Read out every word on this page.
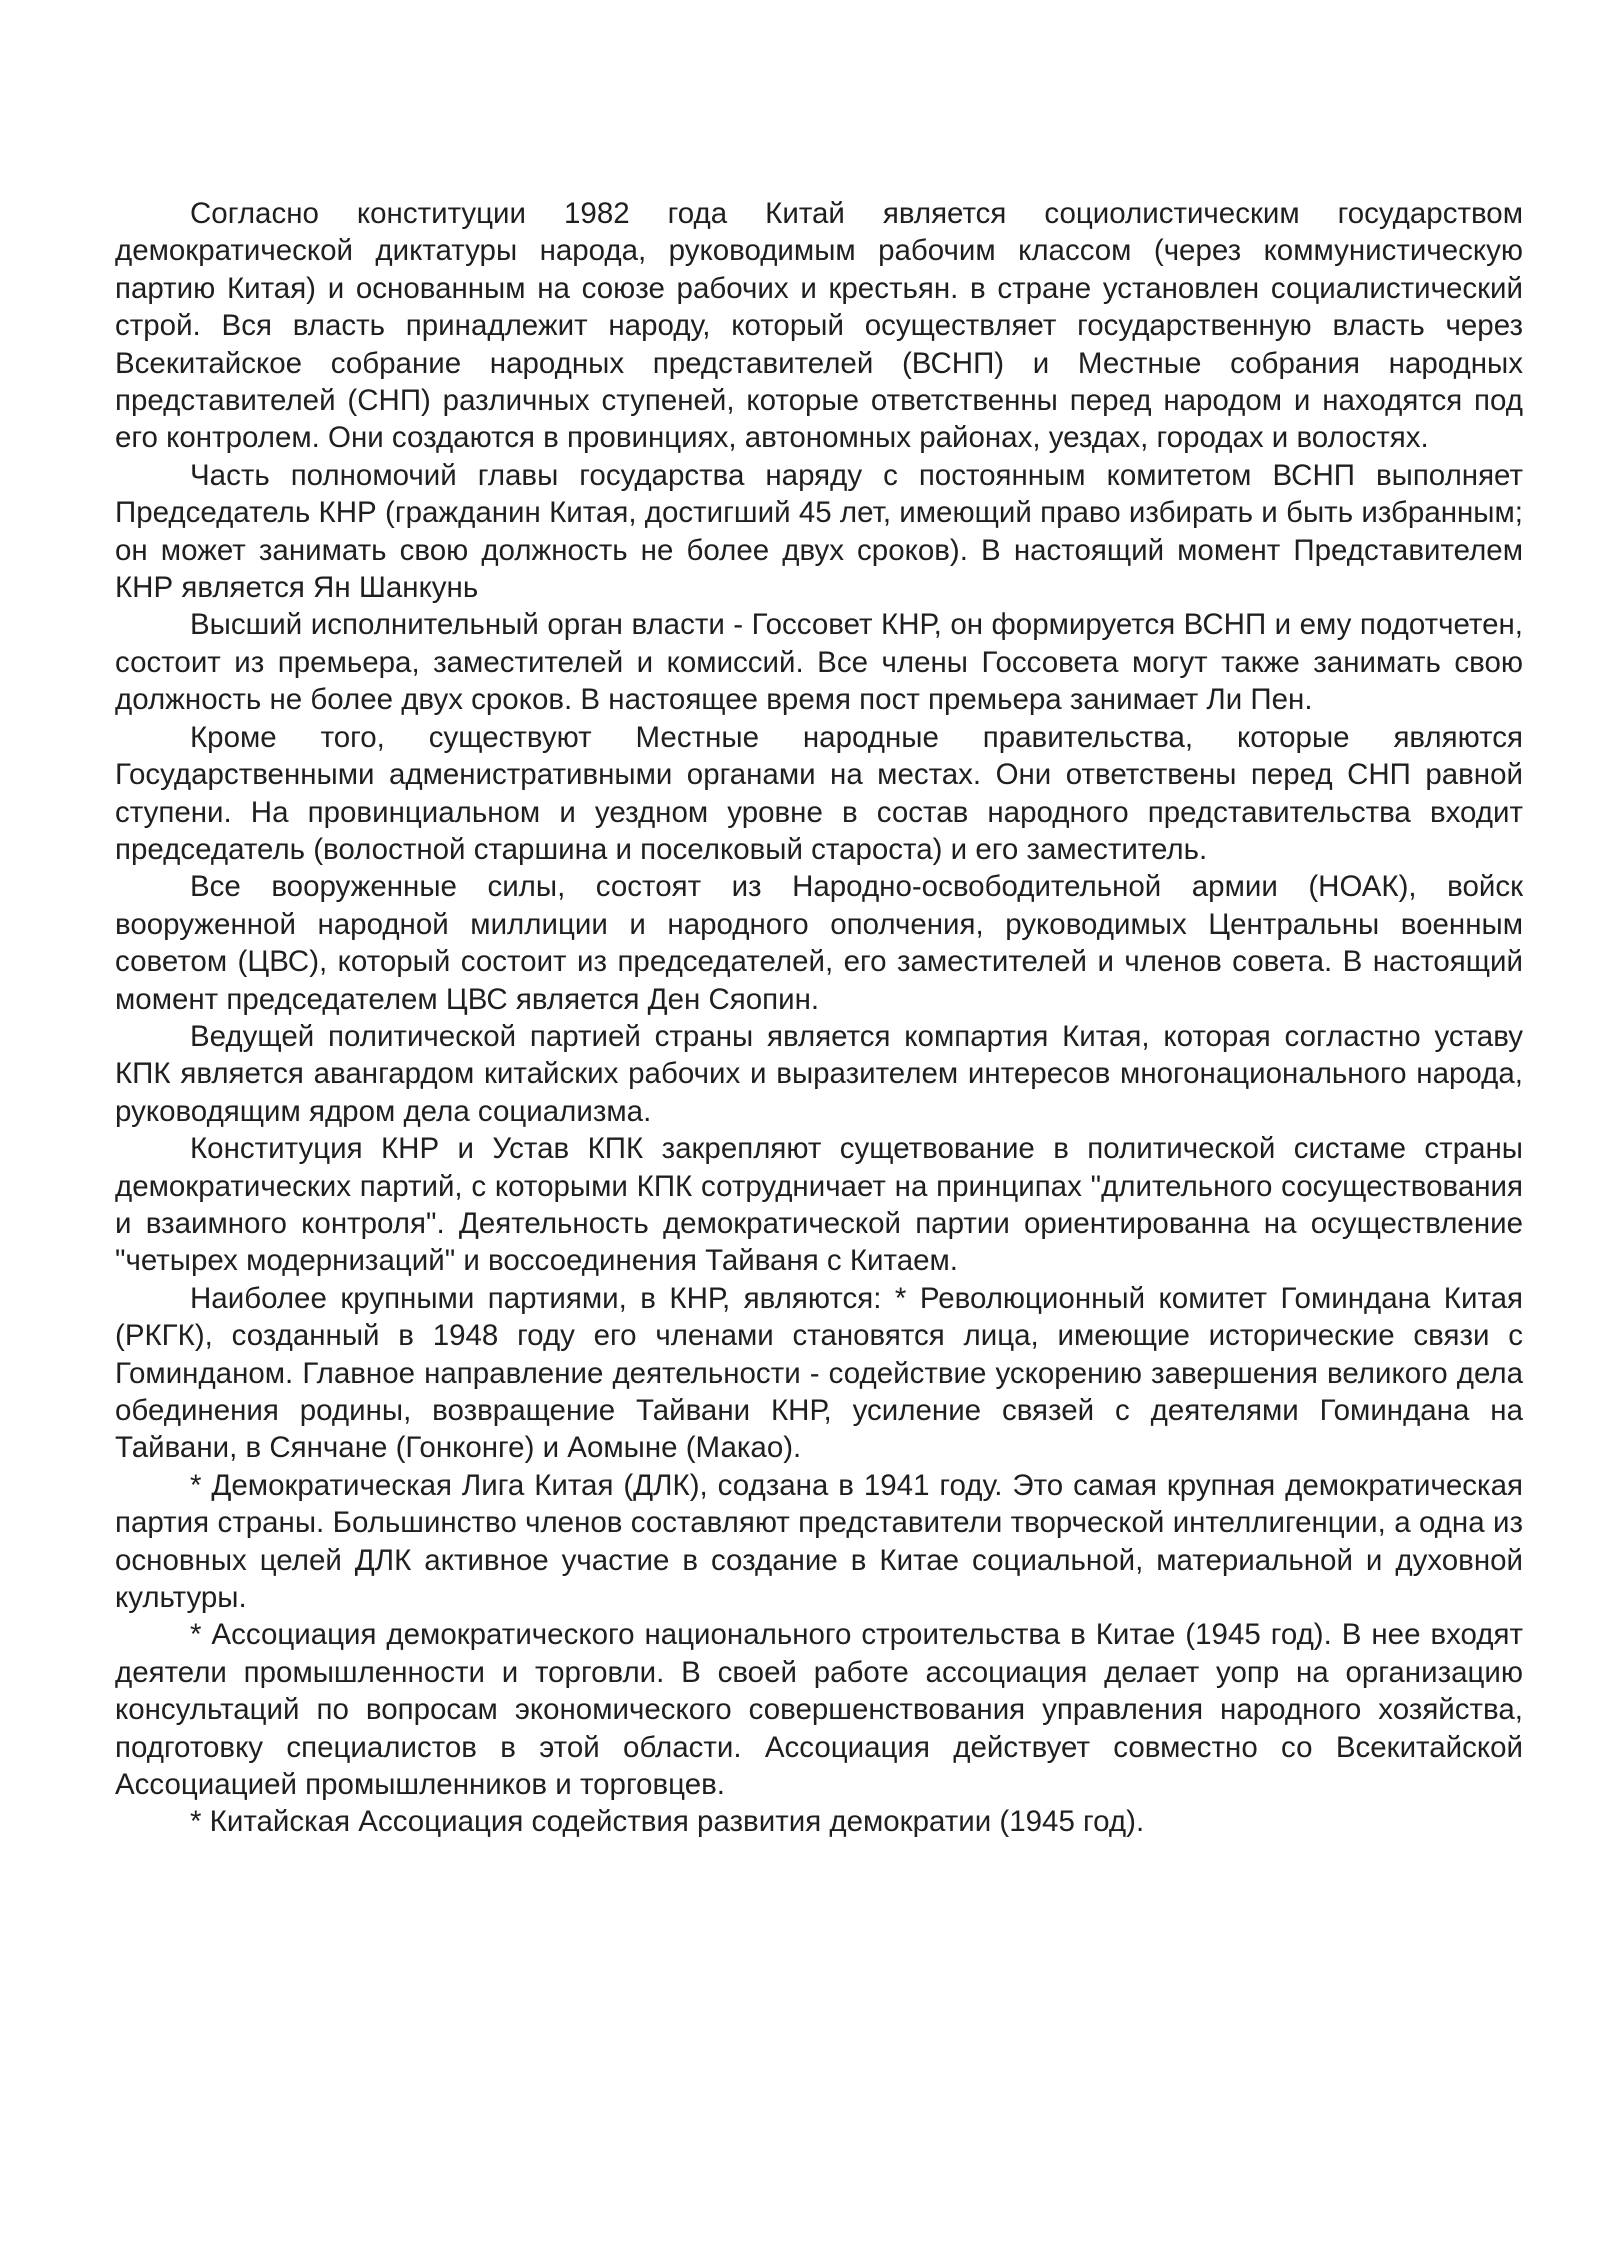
Согласно конституции 1982 года Китай является социолистическим государством демократической диктатуры народа, руководимым рабочим классом (через коммунистическую партию Китая) и основанным на союзе рабочих и крестьян. в стране установлен социалистический строй. Вся власть принадлежит народу, который осуществляет государственную власть через Всекитайское собрание народных представителей (ВСНП) и Местные собрания народных представителей (СНП) различных ступеней, которые ответственны перед народом и находятся под его контролем. Они создаются в провинциях, автономных районах, уездах, городах и волостях.

Часть полномочий главы государства наряду с постоянным комитетом ВСНП выполняет Председатель КНР (гражданин Китая, достигший 45 лет, имеющий право избирать и быть избранным; он может занимать свою должность не более двух сроков). В настоящий момент Представителем КНР является Ян Шанкунь

Высший исполнительный орган власти - Госсовет КНР, он формируется ВСНП и ему подотчетен, состоит из премьера, заместителей и комиссий. Все члены Госсовета могут также занимать свою должность не более двух сроков. В настоящее время пост премьера занимает Ли Пен.

Кроме того, существуют Местные народные правительства, которые являются Государственными адменистративными органами на местах. Они ответствены перед СНП равной ступени. На провинциальном и уездном уровне в состав народного представительства входит председатель (волостной старшина и поселковый староста) и его заместитель.

Все вооруженные силы, состоят из Народно-освободительной армии (НОАК), войск вооруженной народной миллиции и народного ополчения, руководимых Центральны военным советом (ЦВС), который состоит из председателей, его заместителей и членов совета. В настоящий момент председателем ЦВС является Ден Сяопин.

Ведущей политической партией страны является компартия Китая, которая согластно уставу КПК является авангардом китайских рабочих и выразителем интересов многонационального народа, руководящим ядром дела социализма.

Конституция КНР и Устав КПК закрепляют сущетвование в политической систаме страны демократических партий, с которыми КПК сотрудничает на принципах "длительного сосуществования и взаимного контроля". Деятельность демократической партии ориентированна на осуществление "четырех модернизаций" и воссоединения Тайваня с Китаем.

Наиболее крупными партиями, в КНР, являются: * Революционный комитет Гоминдана Китая (РКГК), созданный в 1948 году его членами становятся лица, имеющие исторические связи с Гоминданом. Главное направление деятельности - содействие ускорению завершения великого дела обединения родины, возвращение Тайвани КНР, усиление связей с деятелями Гоминдана на Тайвани, в Сянчане (Гонконге) и Аомыне (Макао).

* Демократическая Лига Китая (ДЛК), содзана в 1941 году. Это самая крупная демократическая партия страны. Большинство членов составляют представители творческой интеллигенции, а одна из основных целей ДЛК активное участие в создание в Китае социальной, материальной и духовной культуры.

* Ассоциация демократического национального строительства в Китае (1945 год). В нее входят деятели промышленности и торговли. В своей работе ассоциация делает уопр на организацию консультаций по вопросам экономического совершенствования управления народного хозяйства, подготовку специалистов в этой области. Ассоциация действует совместно со Всекитайской Ассоциацией промышленников и торговцев.

* Китайская Ассоциация содействия развития демократии (1945 год).
